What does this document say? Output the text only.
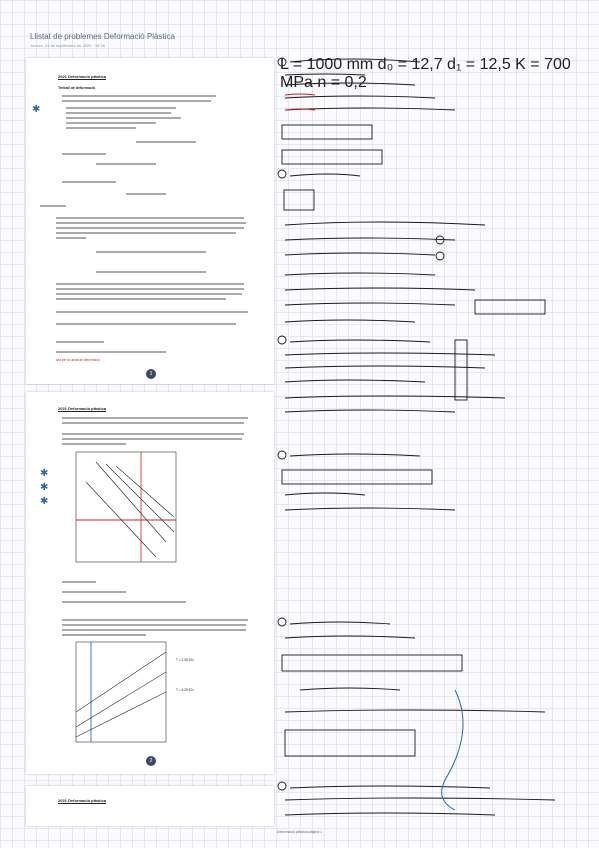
Llistat de problemes Deformació Plàstica
Jueves, 24 de septiembre de 2020 · 16:36
2021 Deformació plàstica
Treball de deformació
✱
Ara per la unitat de deformació.
1
2021 Deformació plàstica
✱
✱
✱
T = 2.35·10¹¹
T = 4.26·10¹¹
2
2021 Deformació plàstica
L = 1000 mm d₀ = 12,7 d₁ = 12,5 K = 700 MPa n = 0,2
Deformació plàstica pàgina 1
